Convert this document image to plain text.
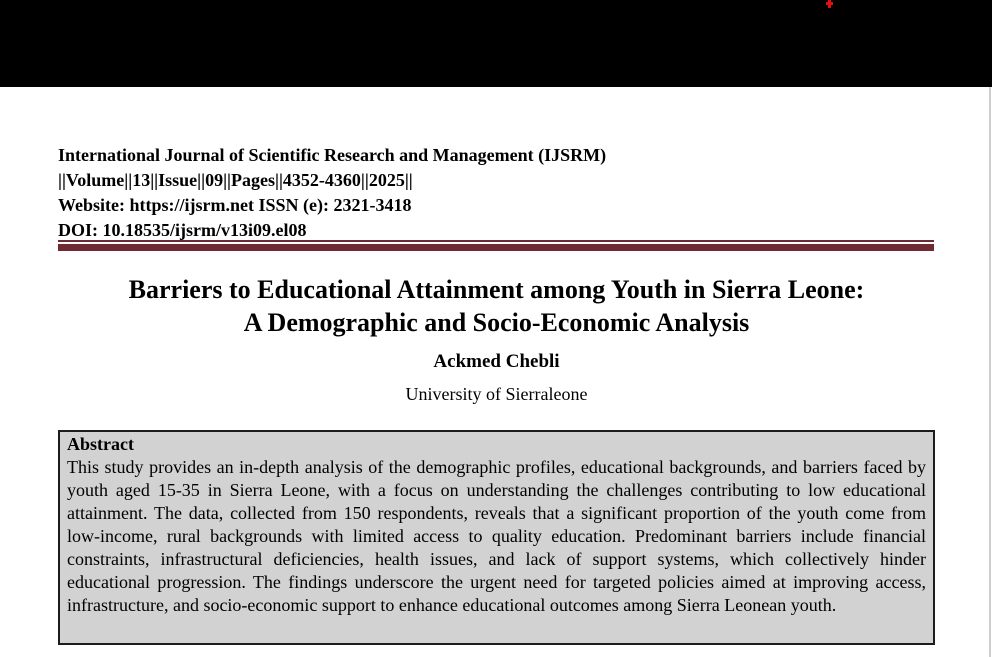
International Journal of Scientific Research and Management (IJSRM)
||Volume||13||Issue||09||Pages||4352-4360||2025||
Website: https://ijsrm.net ISSN (e): 2321-3418
DOI: 10.18535/ijsrm/v13i09.el08
Barriers to Educational Attainment among Youth in Sierra Leone:
A Demographic and Socio-Economic Analysis
Ackmed Chebli
University of Sierraleone
Abstract

This study provides an in-depth analysis of the demographic profiles, educational backgrounds, and barriers faced by youth aged 15-35 in Sierra Leone, with a focus on understanding the challenges contributing to low educational attainment. The data, collected from 150 respondents, reveals that a significant proportion of the youth come from low-income, rural backgrounds with limited access to quality education. Predominant barriers include financial constraints, infrastructural deficiencies, health issues, and lack of support systems, which collectively hinder educational progression. The findings underscore the urgent need for targeted policies aimed at improving access, infrastructure, and socio-economic support to enhance educational outcomes among Sierra Leonean youth.
